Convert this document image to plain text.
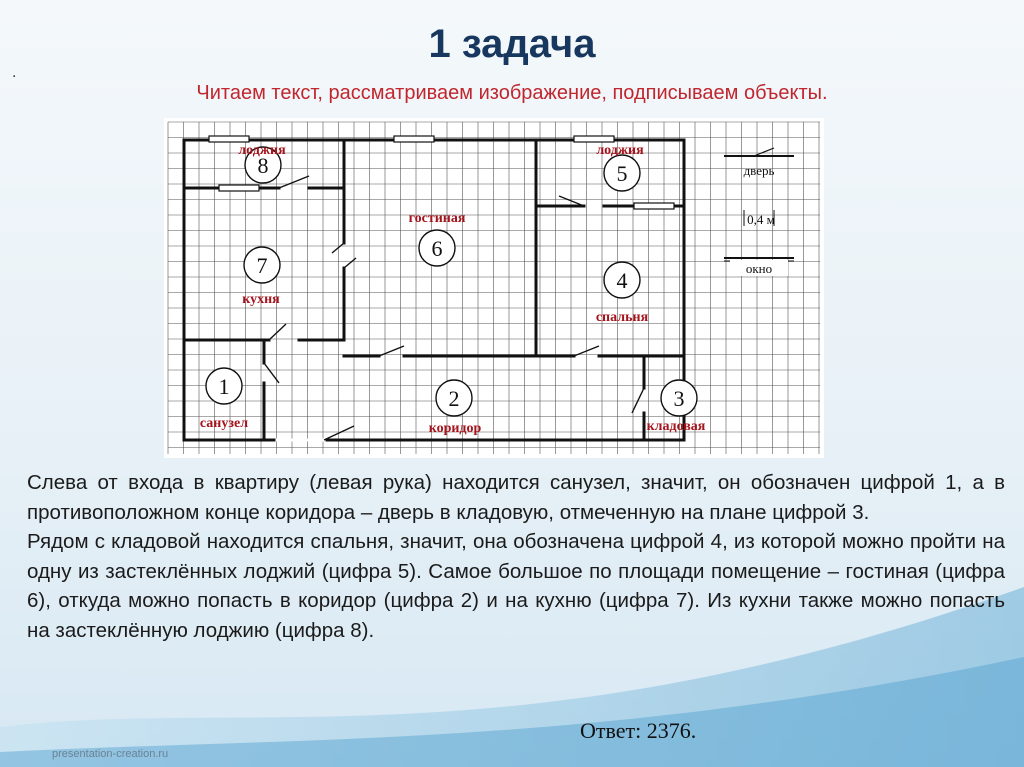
1 задача
.
Читаем текст, рассматриваем изображение, подписываем объекты.
8	5
6
7
4
1	2	3
лоджия	лоджия
гостиная
кухня
спальня
санузел	коридор	кладовая
дверь
0,4 м
окно

Слева от входа в квартиру (левая рука) находится санузел, значит, он обозначен цифрой 1, а в противоположном конце коридора – дверь в кладовую, отмеченную на плане цифрой 3.

Рядом с кладовой находится спальня, значит, она обозначена цифрой 4, из которой можно пройти на одну из застеклённых лоджий (цифра 5). Самое большое по площади помещение – гостиная (цифра 6), откуда можно попасть в коридор (цифра 2) и на кухню (цифра 7). Из кухни также можно попасть на застеклённую лоджию (цифра 8).

Ответ: 2376.
presentation-creation.ru
